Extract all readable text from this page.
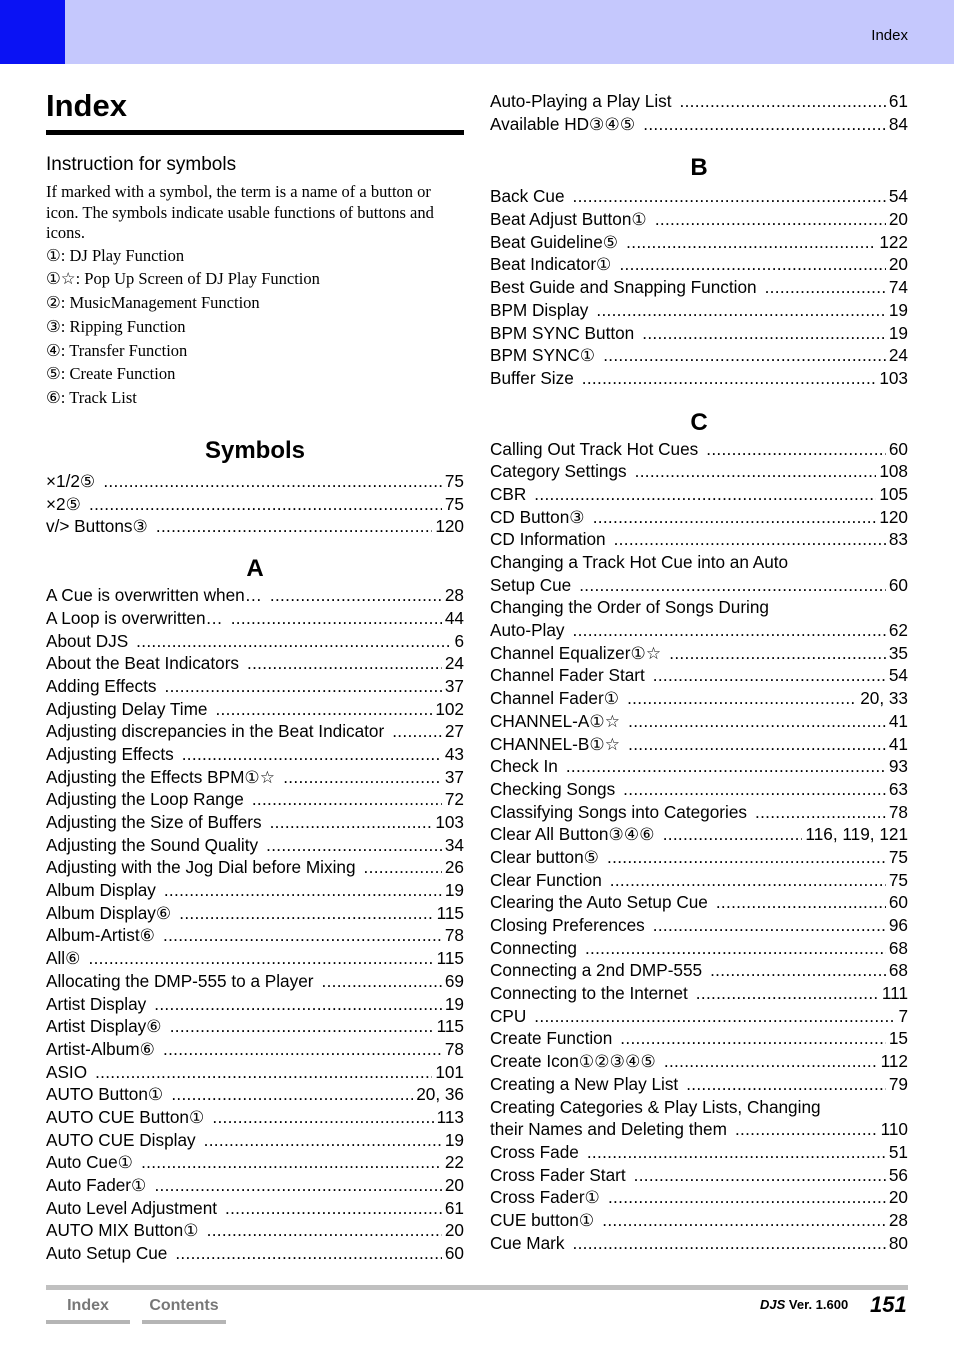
Index
Index
Instruction for symbols
If marked with a symbol, the term is a name of a button or icon. The symbols indicate usable functions of buttons and icons.
①: DJ Play Function
①☆: Pop Up Screen of DJ Play Function
②: MusicManagement Function
③: Ripping Function
④: Transfer Function
⑤: Create Function
⑥: Track List
Symbols
×1/2⑤ .....	75
×2⑤ .....	75
v/> Buttons③ .....	120
A
A Cue is overwritten when… .....	28
A Loop is overwritten… .....	44
About DJS .....	6
About the Beat Indicators .....	24
Adding Effects .....	37
Adjusting Delay Time .....	102
Adjusting discrepancies in the Beat Indicator .....	27
Adjusting Effects .....	43
Adjusting the Effects BPM①☆ .....	37
Adjusting the Loop Range .....	72
Adjusting the Size of Buffers .....	103
Adjusting the Sound Quality .....	34
Adjusting with the Jog Dial before Mixing .....	26
Album Display .....	19
Album Display⑥ .....	115
Album-Artist⑥ .....	78
All⑥ .....	115
Allocating the DMP-555 to a Player .....	69
Artist Display .....	19
Artist Display⑥ .....	115
Artist-Album⑥ .....	78
ASIO .....	101
AUTO Button① .....	20, 36
AUTO CUE Button① .....	113
AUTO CUE Display .....	19
Auto Cue① .....	22
Auto Fader① .....	20
Auto Level Adjustment .....	61
AUTO MIX Button① .....	20
Auto Setup Cue .....	60
Auto-Playing a Play List .....	61
Available HD③④⑤ .....	84
B
Back Cue .....	54
Beat Adjust Button① .....	20
Beat Guideline⑤ .....	122
Beat Indicator① .....	20
Best Guide and Snapping Function .....	74
BPM Display .....	19
BPM SYNC Button .....	19
BPM SYNC① .....	24
Buffer Size .....	103
C
Calling Out Track Hot Cues .....	60
Category Settings .....	108
CBR .....	105
CD Button③ .....	120
CD Information .....	83
Changing a Track Hot Cue into an Auto
Setup Cue .....	60
Changing the Order of Songs During
Auto-Play .....	62
Channel Equalizer①☆ .....	35
Channel Fader Start .....	54
Channel Fader① .....	20, 33
CHANNEL-A①☆ .....	41
CHANNEL-B①☆ .....	41
Check In .....	93
Checking Songs .....	63
Classifying Songs into Categories .....	78
Clear All Button③④⑥ .....	116, 119, 121
Clear button⑤ .....	75
Clear Function .....	75
Clearing the Auto Setup Cue .....	60
Closing Preferences .....	96
Connecting .....	68
Connecting a 2nd DMP-555 .....	68
Connecting to the Internet .....	111
CPU .....	7
Create Function .....	15
Create Icon①②③④⑤ .....	112
Creating a New Play List .....	79
Creating Categories & Play Lists, Changing
their Names and Deleting them .....	110
Cross Fade .....	51
Cross Fader Start .....	56
Cross Fader① .....	20
CUE button① .....	28
Cue Mark .....	80
Index	Contents	DJS Ver. 1.600 151
